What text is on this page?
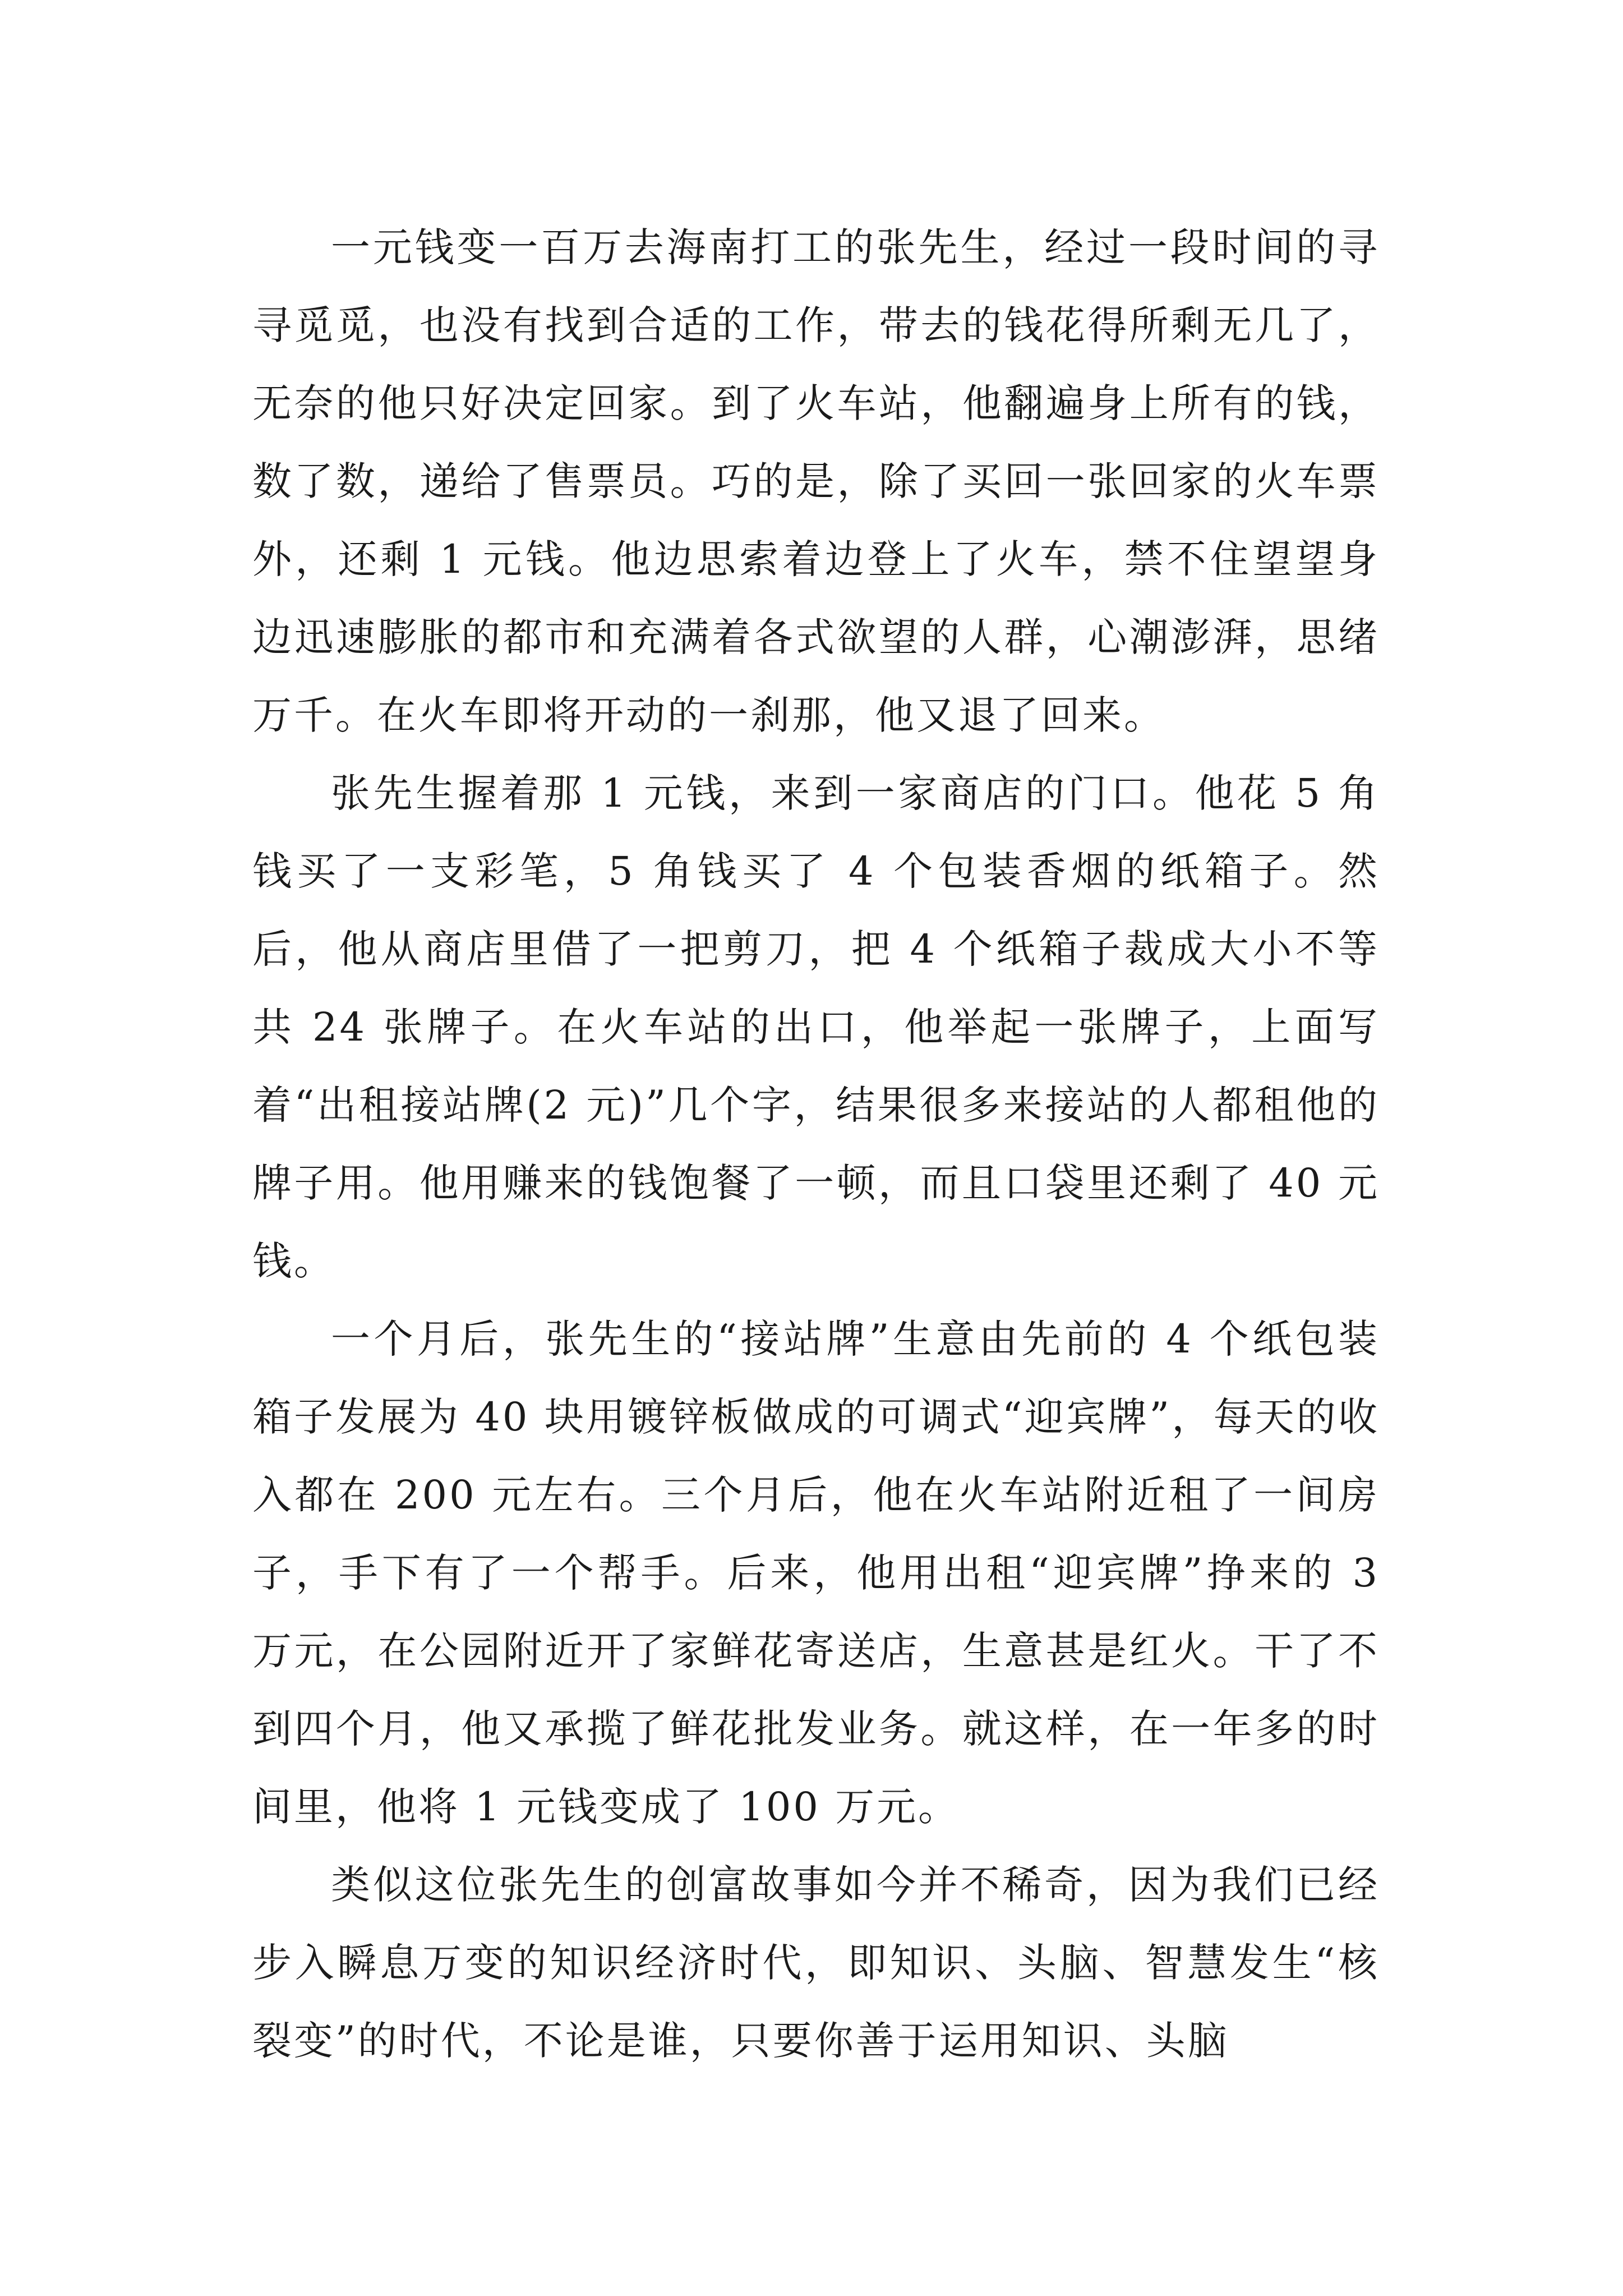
一元钱变一百万去海南打工的张先生，经过一段时间的寻寻觅觅，也没有找到合适的工作，带去的钱花得所剩无几了，无奈的他只好决定回家。到了火车站，他翻遍身上所有的钱，数了数，递给了售票员。巧的是，除了买回一张回家的火车票外，还剩 1 元钱。他边思索着边登上了火车，禁不住望望身边迅速膨胀的都市和充满着各式欲望的人群，心潮澎湃，思绪万千。在火车即将开动的一刹那，他又退了回来。

张先生握着那 1 元钱，来到一家商店的门口。他花 5 角钱买了一支彩笔，5 角钱买了 4 个包装香烟的纸箱子。然后，他从商店里借了一把剪刀，把 4 个纸箱子裁成大小不等共 24 张牌子。在火车站的出口，他举起一张牌子，上面写着“出租接站牌(2 元)”几个字，结果很多来接站的人都租他的牌子用。他用赚来的钱饱餐了一顿，而且口袋里还剩了 40 元钱。

一个月后，张先生的“接站牌”生意由先前的 4 个纸包装箱子发展为 40 块用镀锌板做成的可调式“迎宾牌”，每天的收入都在 200 元左右。三个月后，他在火车站附近租了一间房子，手下有了一个帮手。后来，他用出租“迎宾牌”挣来的 3 万元，在公园附近开了家鲜花寄送店，生意甚是红火。干了不到四个月，他又承揽了鲜花批发业务。就这样，在一年多的时间里，他将 1 元钱变成了 100 万元。

类似这位张先生的创富故事如今并不稀奇，因为我们已经步入瞬息万变的知识经济时代，即知识、头脑、智慧发生“核裂变”的时代，不论是谁，只要你善于运用知识、头脑
